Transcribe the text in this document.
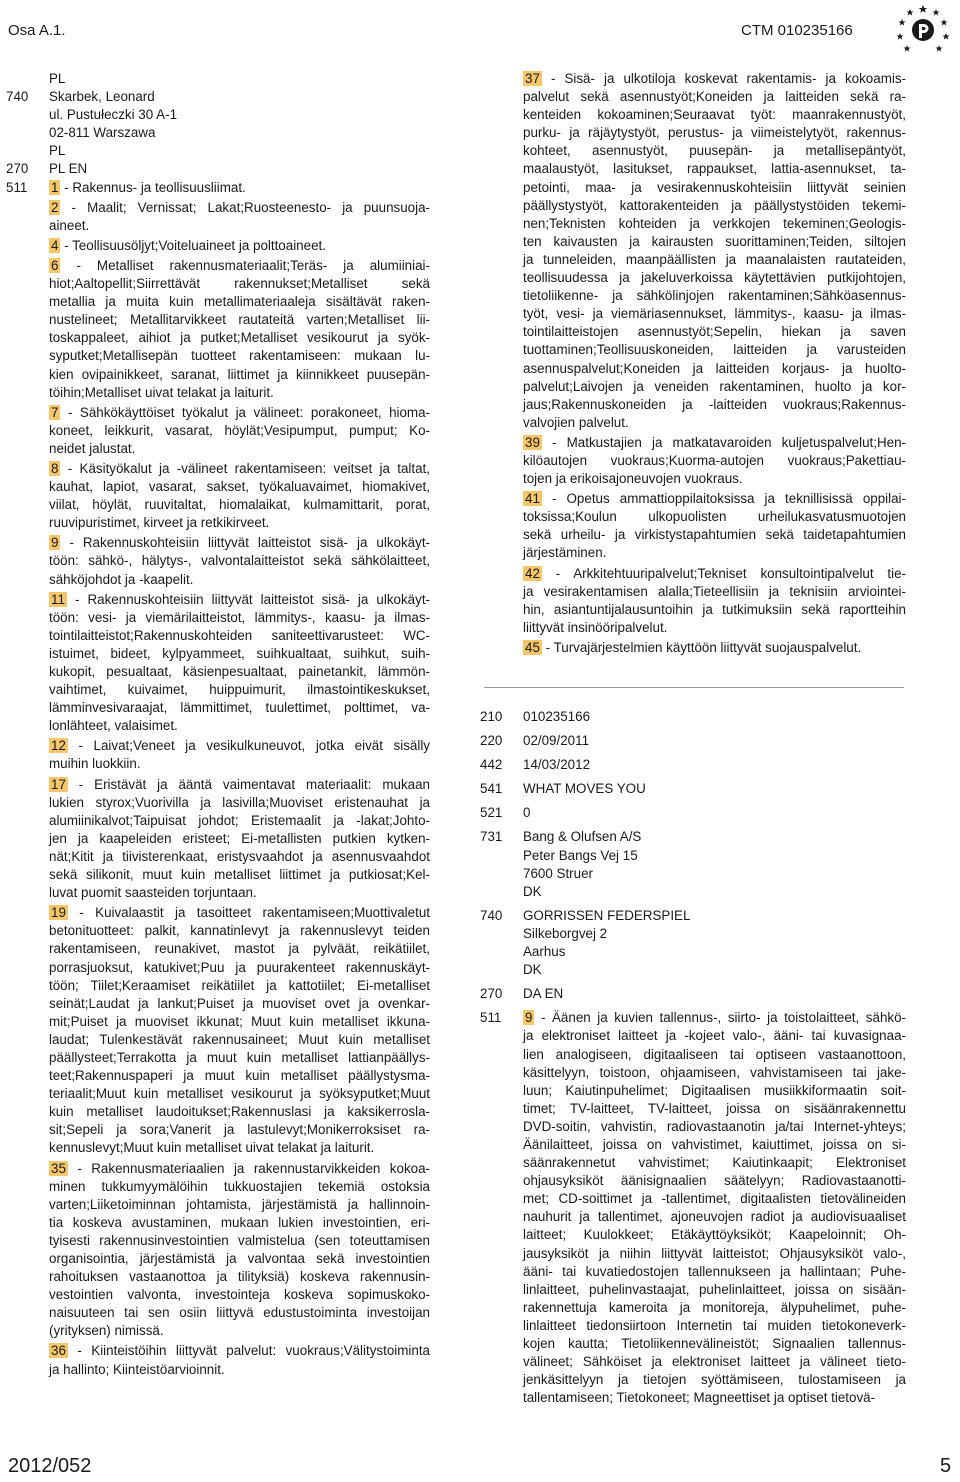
Osa A.1.	CTM 010235166
PL
740	Skarbek, Leonard
ul. Pustułeczki 30 A-1
02-811 Warszawa
PL
270	PL EN
511	1 - Rakennus- ja teollisuusliimat.
2 - Maalit; Vernissat; Lakat;Ruosteenesto- ja puunsuoja-
aineet.
4 - Teollisuusöljyt;Voiteluaineet ja polttoaineet.
6 - Metalliset rakennusmateriaalit;Teräs- ja alumiiniai-
hiot;Aaltopellit;Siirrettävät rakennukset;Metalliset sekä
metallia ja muita kuin metallimateriaaleja sisältävät raken-
nustelineet; Metallitarvikkeet rautateitä varten;Metalliset lii-
toskappaleet, aihiot ja putket;Metalliset vesikourut ja syök-
syputket;Metallisepän tuotteet rakentamiseen: mukaan lu-
kien ovipainikkeet, saranat, liittimet ja kiinnikkeet puusepän-
töihin;Metalliset uivat telakat ja laiturit.
7 - Sähkökäyttöiset työkalut ja välineet: porakoneet, hioma-
koneet, leikkurit, vasarat, höylät;Vesipumput, pumput; Ko-
neidet jalustat.
8 - Käsityökalut ja -välineet rakentamiseen: veitset ja taltat,
kauhat, lapiot, vasarat, sakset, työkaluavaimet, hiomakivet,
viilat, höylät, ruuvitaltat, hiomalaikat, kulmamittarit, porat,
ruuvipuristimet, kirveet ja retkikirveet.
9 - Rakennuskohteisiin liittyvät laitteistot sisä- ja ulkokäyt-
töön: sähkö-, hälytys-, valvontalaitteistot sekä sähkölaitteet,
sähköjohdot ja -kaapelit.
11 - Rakennuskohteisiin liittyvät laitteistot sisä- ja ulkokäyt-
töön: vesi- ja viemärilaitteistot, lämmitys-, kaasu- ja ilmas-
tointilaitteistot;Rakennuskohteiden saniteettivarusteet: WC-
istuimet, bideet, kylpyammeet, suihkualtaat, suihkut, suih-
kukopit, pesualtaat, käsienpesualtaat, painetankit, lämmön-
vaihtimet, kuivaimet, huippuimurit, ilmastointikeskukset,
lämminvesivaraajat, lämmittimet, tuulettimet, polttimet, va-
lonlähteet, valaisimet.
12 - Laivat;Veneet ja vesikulkuneuvot, jotka eivät sisälly
muihin luokkiin.
17 - Eristävät ja ääntä vaimentavat materiaalit: mukaan
lukien styrox;Vuorivilla ja lasivilla;Muoviset eristenauhat ja
alumiinikalvot;Taipuisat johdot; Eristemaalit ja -lakat;Johto-
jen ja kaapeleiden eristeet; Ei-metallisten putkien kytken-
nät;Kitit ja tiivisterenkaat, eristysvaahdot ja asennusvaahdot
sekä silikonit, muut kuin metalliset liittimet ja putkiosat;Kel-
luvat puomit saasteiden torjuntaan.
19 - Kuivalaastit ja tasoitteet rakentamiseen;Muottivaletut
betonituotteet: palkit, kannatinlevyt ja rakennuslevyt teiden
rakentamiseen, reunakivet, mastot ja pylväät, reikätiilet,
porrasjuoksut, katukivet;Puu ja puurakenteet rakennuskäyt-
töön; Tiilet;Keraamiset reikätiilet ja kattotiilet; Ei-metalliset
seinät;Laudat ja lankut;Puiset ja muoviset ovet ja ovenkar-
mit;Puiset ja muoviset ikkunat; Muut kuin metalliset ikkuna-
laudat; Tulenkestävät rakennusaineet; Muut kuin metalliset
päällysteet;Terrakotta ja muut kuin metalliset lattianpäällys-
teet;Rakennuspaperi ja muut kuin metalliset päällystysma-
teriaalit;Muut kuin metalliset vesikourut ja syöksyputket;Muut
kuin metalliset laudoitukset;Rakennuslasi ja kaksikerrosla-
sit;Sepeli ja sora;Vanerit ja lastulevyt;Monikerroksiset ra-
kennuslevyt;Muut kuin metalliset uivat telakat ja laiturit.
35 - Rakennusmateriaalien ja rakennustarvikkeiden kokoa-
minen tukkumyymälöihin tukkuostajien tekemiä ostoksia
varten;Liiketoiminnan johtamista, järjestämistä ja hallinnoin-
tia koskeva avustaminen, mukaan lukien investointien, eri-
tyisesti rakennusinvestointien valmistelua (sen toteuttamisen
organisointia, järjestämistä ja valvontaa sekä investointien
rahoituksen vastaanottoa ja tilityksiä) koskeva rakennusin-
vestointien valvonta, investointeja koskeva sopimuskoko-
naisuuteen tai sen osiin liittyvä edustustoiminta investoijan
(yrityksen) nimissä.
36 - Kiinteistöihin liittyvät palvelut: vuokraus;Välitystoiminta
ja hallinto; Kiinteistöarvioinnit.
37 - Sisä- ja ulkotiloja koskevat rakentamis- ja kokoamis-
palvelut sekä asennustyöt;Koneiden ja laitteiden sekä ra-
kenteiden kokoaminen;Seuraavat työt: maanrakennustyöt,
purku- ja räjäytystyöt, perustus- ja viimeistelytyöt, rakennus-
kohteet, asennustyöt, puusepän- ja metallisepäntyöt,
maalaustyöt, lasitukset, rappaukset, lattia-asennukset, ta-
petointi, maa- ja vesirakennuskohteisiin liittyvät seinien
päällystystyöt, kattorakenteiden ja päällystystöiden tekemi-
nen;Teknisten kohteiden ja verkkojen tekeminen;Geologis-
ten kaivausten ja kairausten suorittaminen;Teiden, siltojen
ja tunneleiden, maanpäällisten ja maanalaisten rautateiden,
teollisuudessa ja jakeluverkoissa käytettävien putkijohtojen,
tietoliikenne- ja sähkölinjojen rakentaminen;Sähköasennus-
työt, vesi- ja viemäriasennukset, lämmitys-, kaasu- ja ilmas-
tointilaitteistojen asennustyöt;Sepelin, hiekan ja saven
tuottaminen;Teollisuuskoneiden, laitteiden ja varusteiden
asennuspalvelut;Koneiden ja laitteiden korjaus- ja huolto-
palvelut;Laivojen ja veneiden rakentaminen, huolto ja kor-
jaus;Rakennuskoneiden ja -laitteiden vuokraus;Rakennus-
valvojien palvelut.
39 - Matkustajien ja matkatavaroiden kuljetuspalvelut;Hen-
kilöautojen vuokraus;Kuorma-autojen vuokraus;Pakettiau-
tojen ja erikoisajoneuvojen vuokraus.
41 - Opetus ammattioppilaitoksissa ja teknillisissä oppilai-
toksissa;Koulun ulkopuolisten urheilukasvatusmuotojen
sekä urheilu- ja virkistystapahtumien sekä taidetapahtumien
järjestäminen.
42 - Arkkitehtuuripalvelut;Tekniset konsultointipalvelut tie-
ja vesirakentamisen alalla;Tieteellisiin ja teknisiin arviointei-
hin, asiantuntijalausuntoihin ja tutkimuksiin sekä raportteihin
liittyvät insinööripalvelut.
45 - Turvajärjestelmien käyttöön liittyvät suojauspalvelut.
210	010235166
220	02/09/2011
442	14/03/2012
541	WHAT MOVES YOU
521	0
731	Bang & Olufsen A/S
Peter Bangs Vej 15
7600 Struer
DK
740	GORRISSEN FEDERSPIEL
Silkeborgvej 2
Aarhus
DK
270	DA EN
511	9 - Äänen ja kuvien tallennus-, siirto- ja toistolaitteet, sähkö-
ja elektroniset laitteet ja -kojeet valo-, ääni- tai kuvasignaa-
lien analogiseen, digitaaliseen tai optiseen vastaanottoon,
käsittelyyn, toistoon, ohjaamiseen, vahvistamiseen tai jake-
luun; Kaiutinpuhelimet; Digitaalisen musiikkiformaatin soit-
timet; TV-laitteet, TV-laitteet, joissa on sisäänrakennettu
DVD-soitin, vahvistin, radiovastaanotin ja/tai Internet-yhteys;
Äänilaitteet, joissa on vahvistimet, kaiuttimet, joissa on si-
säänrakennetut vahvistimet; Kaiutinkaapit; Elektroniset
ohjausyksiköt äänisignaalien säätelyyn; Radiovastaanotti-
met; CD-soittimet ja -tallentimet, digitaalisten tietovälineiden
nauhurit ja tallentimet, ajoneuvojen radiot ja audiovisuaaliset
laitteet; Kuulokkeet; Etäkäyttöyksiköt; Kaapeloinnit; Oh-
jausyksiköt ja niihin liittyvät laitteistot; Ohjausyksiköt valo-,
ääni- tai kuvatiedostojen tallennukseen ja hallintaan; Puhe-
linlaitteet, puhelinvastaajat, puhelinlaitteet, joissa on sisään-
rakennettuja kameroita ja monitoreja, älypuhelimet, puhe-
linlaitteet tiedonsiirtoon Internetin tai muiden tietokoneverk-
kojen kautta; Tietoliikennevälineistöt; Signaalien tallennus-
välineet; Sähköiset ja elektroniset laitteet ja välineet tieto-
jenkäsittelyyn ja tietojen syöttämiseen, tulostamiseen ja
tallentamiseen; Tietokoneet; Magneettiset ja optiset tietovä-
2012/052	5
